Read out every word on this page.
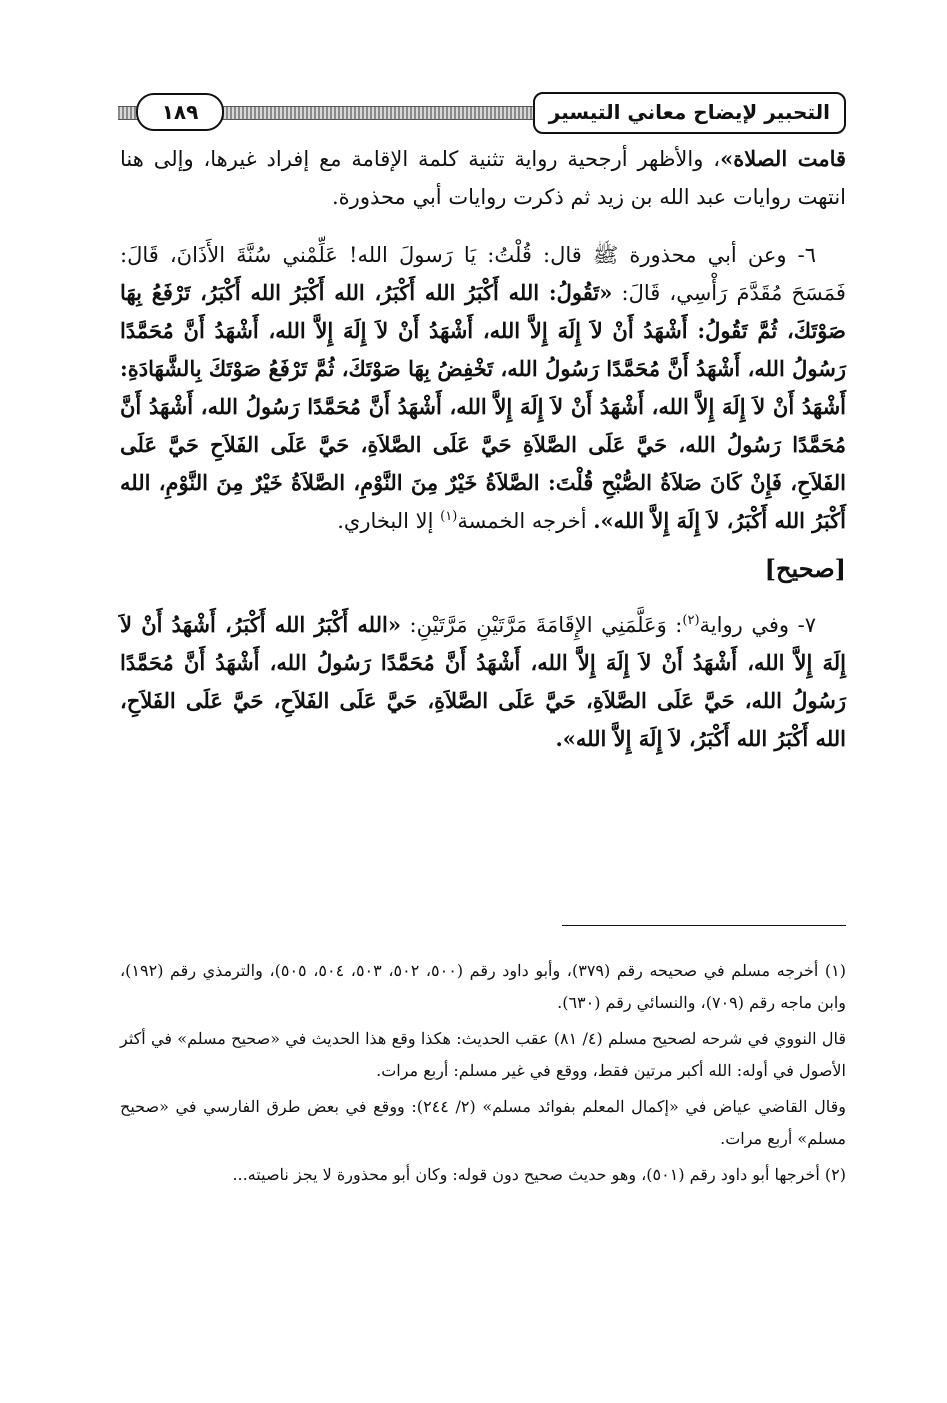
التحبير لإيضاح معاني التيسير
١٨٩

قامت الصلاة»، والأظهر أرجحية رواية تثنية كلمة الإقامة مع إفراد غيرها، وإلى هنا انتهت روايات عبد الله بن زيد ثم ذكرت روايات أبي محذورة.

٦- وعن أبي محذورة ﷺ قال: قُلْتُ: يَا رَسولَ الله! عَلِّمْني سُنَّةَ الأَذَانَ، قَالَ: فَمَسَحَ مُقَدَّمَ رَأْسِي، قَالَ: «تَقُولُ: الله أَكْبَرُ الله أَكْبَرُ، الله أَكْبَرُ الله أَكْبَرُ، تَرْفَعُ بِهَا صَوْتَكَ، ثُمَّ تَقُولُ: أَشْهَدُ أَنْ لاَ إِلَهَ إِلاَّ الله، أَشْهَدُ أَنْ لاَ إِلَهَ إِلاَّ الله، أَشْهَدُ أَنَّ مُحَمَّدًا رَسُولُ الله، أَشْهَدُ أَنَّ مُحَمَّدًا رَسُولُ الله، تَخْفِضُ بِهَا صَوْتَكَ، ثُمَّ تَرْفَعُ صَوْتَكَ بِالشَّهَادَةِ: أَشْهَدُ أَنْ لاَ إِلَهَ إِلاَّ الله، أَشْهَدُ أَنْ لاَ إِلَهَ إِلاَّ الله، أَشْهَدُ أَنَّ مُحَمَّدًا رَسُولُ الله، أَشْهَدُ أَنَّ مُحَمَّدًا رَسُولُ الله، حَيَّ عَلَى الصَّلاَةِ حَيَّ عَلَى الصَّلاَةِ، حَيَّ عَلَى الفَلاَحِ حَيَّ عَلَى الفَلاَحِ، فَإِنْ كَانَ صَلاَةُ الصُّبْحِ قُلْتَ: الصَّلاَةُ خَيْرٌ مِنَ النَّوْمِ، الصَّلاَةُ خَيْرٌ مِنَ النَّوْمِ، الله أَكْبَرُ الله أَكْبَرُ، لاَ إِلَهَ إِلاَّ الله». أخرجه الخمسة$^{(١)}$ إلا البخاري.

[صحيح]

٧- وفي رواية$^{(٢)}$: وَعَلَّمَنِي الإِقَامَةَ مَرَّتَيْنِ مَرَّتَيْنِ: «الله أَكْبَرُ الله أَكْبَرُ، أَشْهَدُ أَنْ لاَ إِلَهَ إِلاَّ الله، أَشْهَدُ أَنْ لاَ إِلَهَ إِلاَّ الله، أَشْهَدُ أَنَّ مُحَمَّدًا رَسُولُ الله، أَشْهَدُ أَنَّ مُحَمَّدًا رَسُولُ الله، حَيَّ عَلَى الصَّلاَةِ، حَيَّ عَلَى الصَّلاَةِ، حَيَّ عَلَى الفَلاَحِ، حَيَّ عَلَى الفَلاَحِ، الله أَكْبَرُ الله أَكْبَرُ، لاَ إِلَهَ إِلاَّ الله».

(١) أخرجه مسلم في صحيحه رقم (٣٧٩)، وأبو داود رقم (٥٠٠، ٥٠٢، ٥٠٣، ٥٠٤، ٥٠٥)، والترمذي رقم (١٩٢)، وابن ماجه رقم (٧٠٩)، والنسائي رقم (٦٣٠).

قال النووي في شرحه لصحيح مسلم (٤/ ٨١) عقب الحديث: هكذا وقع هذا الحديث في «صحيح مسلم» في أكثر الأصول في أوله: الله أكبر مرتين فقط، ووقع في غير مسلم: أربع مرات.

وقال القاضي عياض في «إكمال المعلم بفوائد مسلم» (٢/ ٢٤٤): ووقع في بعض طرق الفارسي في «صحيح مسلم» أربع مرات.

(٢) أخرجها أبو داود رقم (٥٠١)، وهو حديث صحيح دون قوله: وكان أبو محذورة لا يجز ناصيته...
